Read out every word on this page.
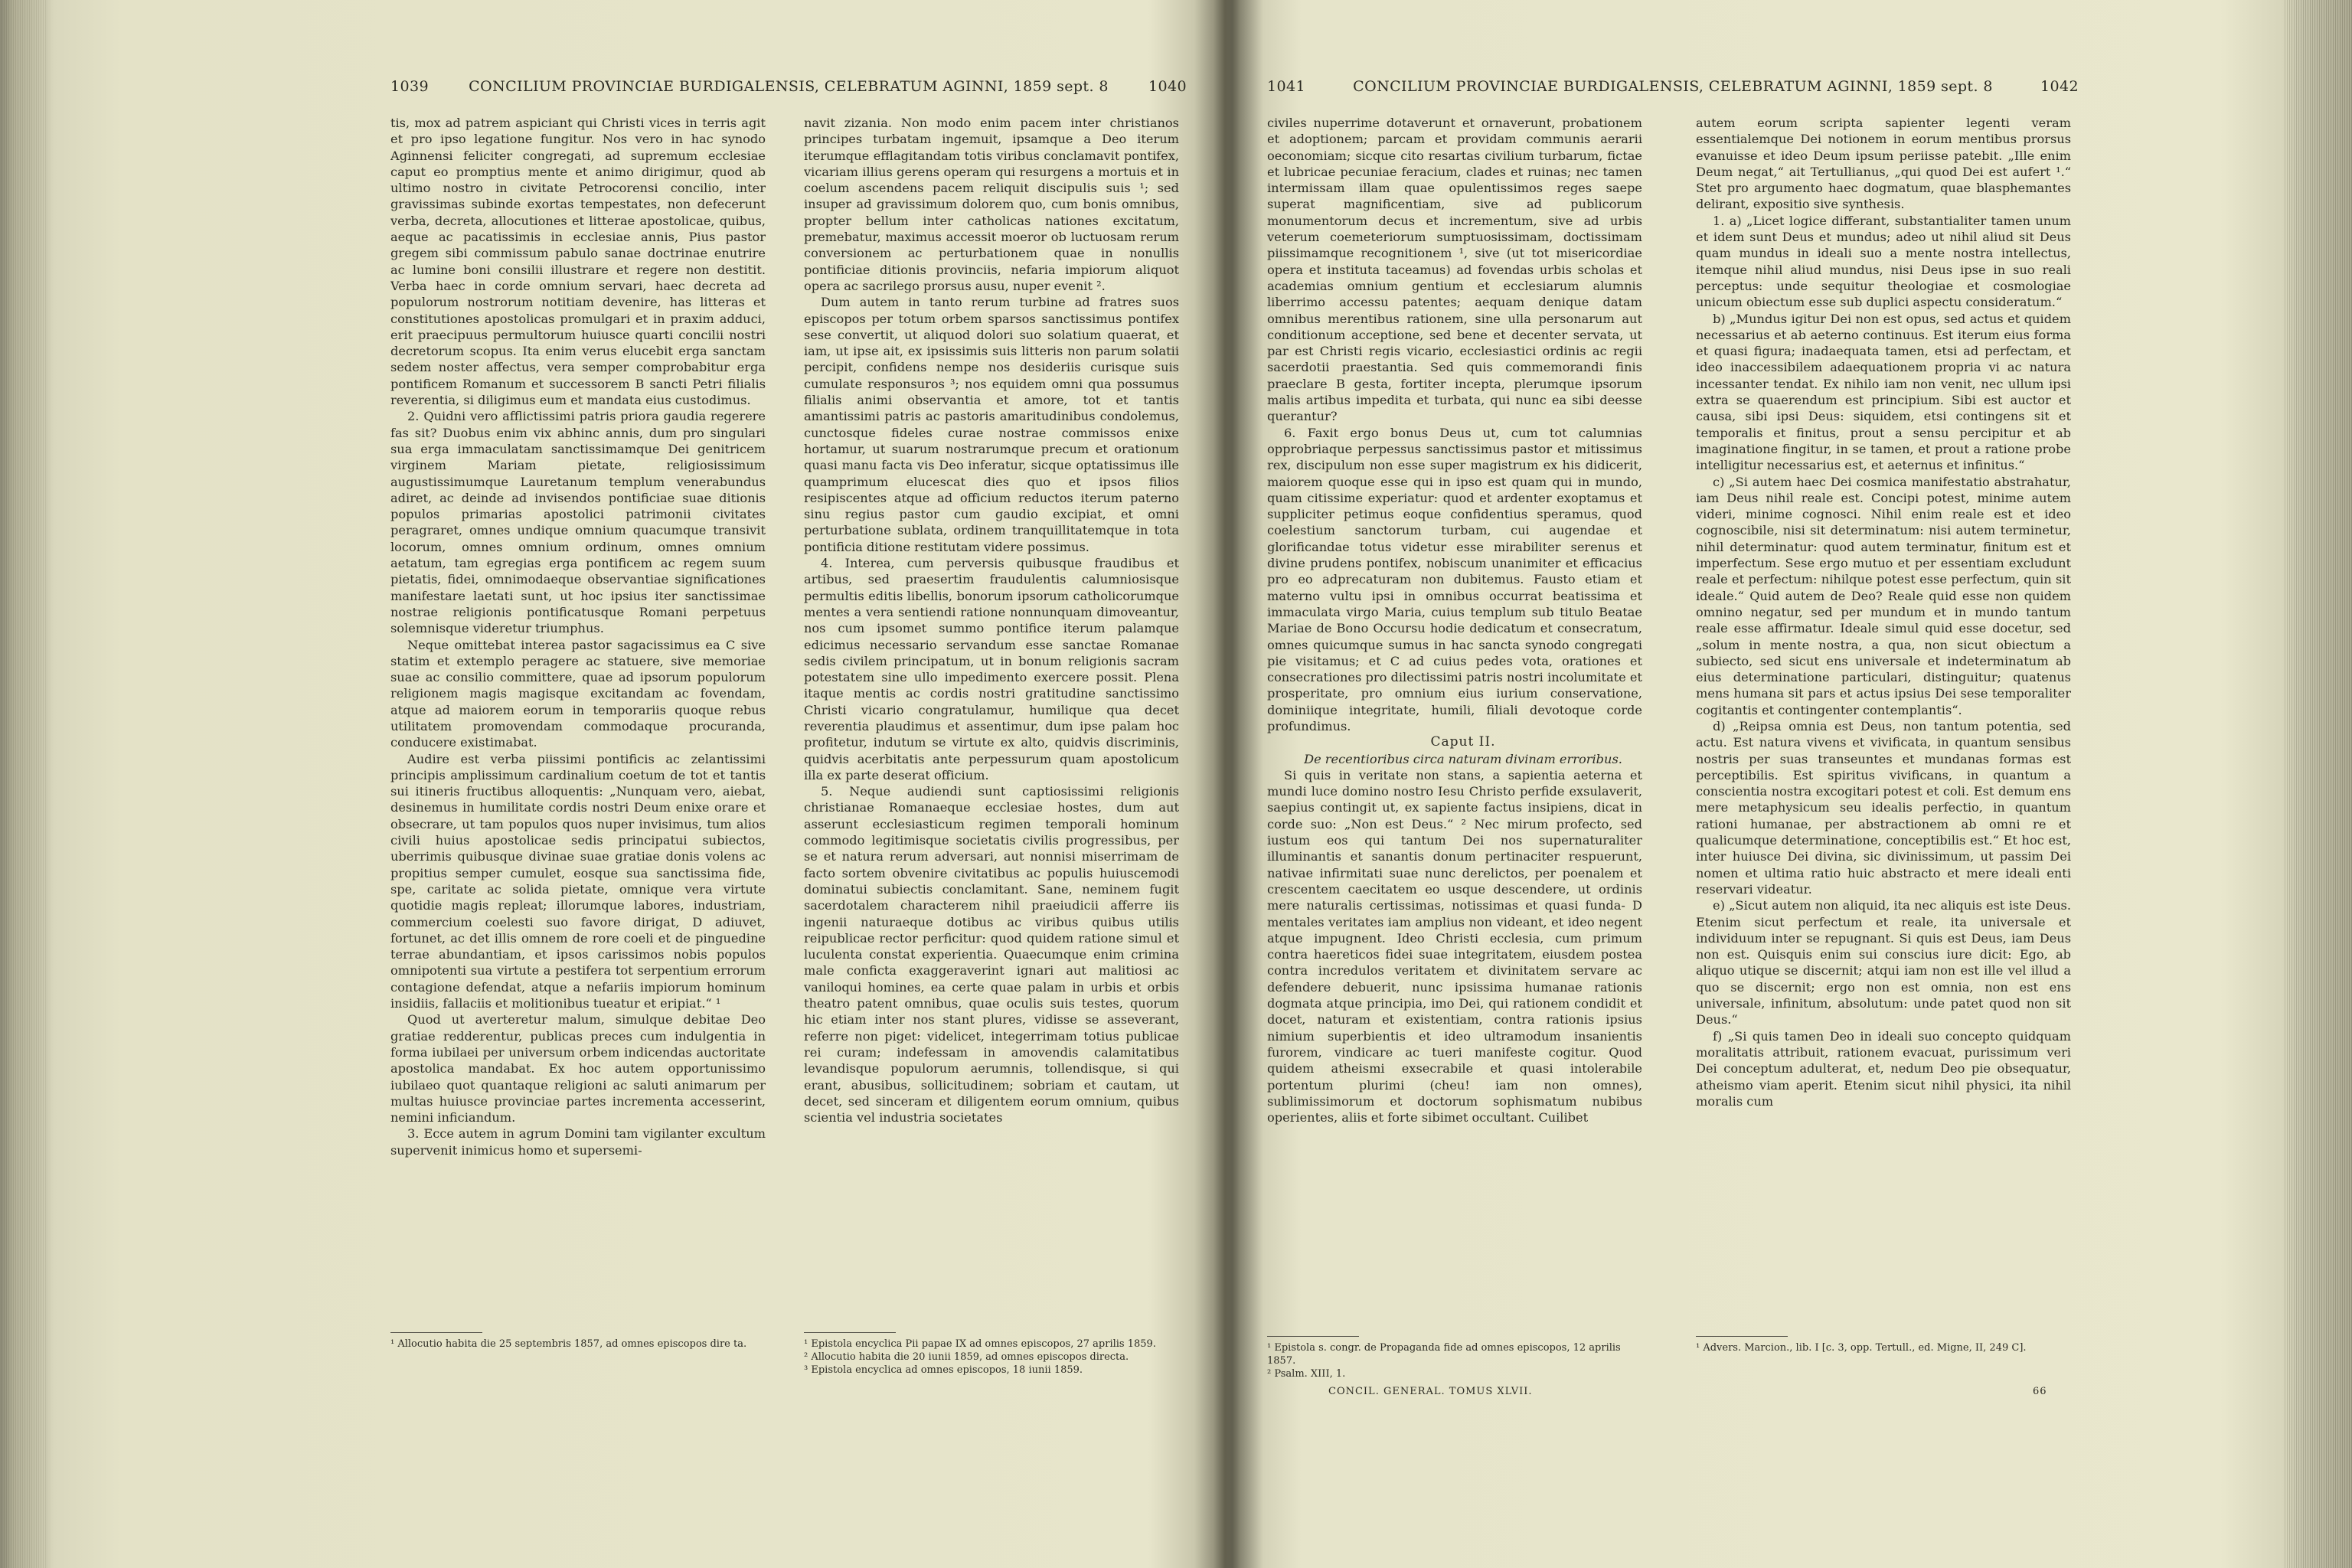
1039	CONCILIUM PROVINCIAE BURDIGALENSIS, CELEBRATUM AGINNI, 1859 sept. 8	1040

tis, mox ad patrem aspiciant qui Christi vices in terris agit et pro ipso legatione fungitur. Nos vero in hac synodo Aginnensi feliciter congregati, ad supremum ecclesiae caput eo promptius mente et animo dirigimur, quod ab ultimo nostro in civitate Petrocorensi concilio, inter gravissimas subinde exortas tempestates, non defecerunt verba, decreta, allocutiones et litterae apostolicae, quibus, aeque ac pacatissimis in ecclesiae annis, Pius pastor gregem sibi commissum pabulo sanae doctrinae enutrire ac lumine boni consilii illustrare et regere non destitit. Verba haec in corde omnium servari, haec decreta ad populorum nostrorum notitiam devenire, has litteras et constitutiones apostolicas promulgari et in praxim adduci, erit praecipuus permultorum huiusce quarti concilii nostri decretorum scopus. Ita enim verus elucebit erga sanctam sedem noster affectus, vera semper comprobabitur erga pontificem Romanum et successorem B sancti Petri filialis reverentia, si diligimus eum et mandata eius custodimus.

2. Quidni vero afflictissimi patris priora gaudia regerere fas sit? Duobus enim vix abhinc annis, dum pro singulari sua erga immaculatam sanctissimamque Dei genitricem virginem Mariam pietate, religiosissimum augustissimumque Lauretanum templum venerabundus adiret, ac deinde ad invisendos pontificiae suae ditionis populos primarias apostolici patrimonii civitates peragraret, omnes undique omnium quacumque transivit locorum, omnes omnium ordinum, omnes omnium aetatum, tam egregias erga pontificem ac regem suum pietatis, fidei, omnimodaeque observantiae significationes manifestare laetati sunt, ut hoc ipsius iter sanctissimae nostrae religionis pontificatusque Romani perpetuus solemnisque videretur triumphus.

Neque omittebat interea pastor sagacissimus ea C sive statim et extemplo peragere ac statuere, sive memoriae suae ac consilio committere, quae ad ipsorum populorum religionem magis magisque excitandam ac fovendam, atque ad maiorem eorum in temporariis quoque rebus utilitatem promovendam commodaque procuranda, conducere existimabat.

Audire est verba piissimi pontificis ac zelantissimi principis amplissimum cardinalium coetum de tot et tantis sui itineris fructibus alloquentis: „Nunquam vero, aiebat, desinemus in humilitate cordis nostri Deum enixe orare et obsecrare, ut tam populos quos nuper invisimus, tum alios civili huius apostolicae sedis principatui subiectos, uberrimis quibusque divinae suae gratiae donis volens ac propitius semper cumulet, eosque sua sanctissima fide, spe, caritate ac solida pietate, omnique vera virtute quotidie magis repleat; illorumque labores, industriam, commercium coelesti suo favore dirigat, D adiuvet, fortunet, ac det illis omnem de rore coeli et de pinguedine terrae abundantiam, et ipsos carissimos nobis populos omnipotenti sua virtute a pestifera tot serpentium errorum contagione defendat, atque a nefariis impiorum hominum insidiis, fallaciis et molitionibus tueatur et eripiat.“ ¹

Quod ut averteretur malum, simulque debitae Deo gratiae redderentur, publicas preces cum indulgentia in forma iubilaei per universum orbem indicendas auctoritate apostolica mandabat. Ex hoc autem opportunissimo iubilaeo quot quantaque religioni ac saluti animarum per multas huiusce provinciae partes incrementa accesserint, nemini inficiandum.

3. Ecce autem in agrum Domini tam vigilanter excultum supervenit inimicus homo et supersemi-

navit zizania. Non modo enim pacem inter christianos principes turbatam ingemuit, ipsamque a Deo iterum iterumque efflagitandam totis viribus conclamavit pontifex, vicariam illius gerens operam qui resurgens a mortuis et in coelum ascendens pacem reliquit discipulis suis ¹; sed insuper ad gravissimum dolorem quo, cum bonis omnibus, propter bellum inter catholicas nationes excitatum, premebatur, maximus accessit moeror ob luctuosam rerum conversionem ac perturbationem quae in nonullis pontificiae ditionis provinciis, nefaria impiorum aliquot opera ac sacrilego prorsus ausu, nuper evenit ².

Dum autem in tanto rerum turbine ad fratres suos episcopos per totum orbem sparsos sanctissimus pontifex sese convertit, ut aliquod dolori suo solatium quaerat, et iam, ut ipse ait, ex ipsissimis suis litteris non parum solatii percipit, confidens nempe nos desideriis curisque suis cumulate responsuros ³; nos equidem omni qua possumus filialis animi observantia et amore, tot et tantis amantissimi patris ac pastoris amaritudinibus condolemus, cunctosque fideles curae nostrae commissos enixe hortamur, ut suarum nostrarumque precum et orationum quasi manu facta vis Deo inferatur, sicque optatissimus ille quamprimum elucescat dies quo et ipsos filios resipiscentes atque ad officium reductos iterum paterno sinu regius pastor cum gaudio excipiat, et omni perturbatione sublata, ordinem tranquillitatemque in tota pontificia ditione restitutam videre possimus.

4. Interea, cum perversis quibusque fraudibus et artibus, sed praesertim fraudulentis calumniosisque permultis editis libellis, bonorum ipsorum catholicorumque mentes a vera sentiendi ratione nonnunquam dimoveantur, nos cum ipsomet summo pontifice iterum palamque edicimus necessario servandum esse sanctae Romanae sedis civilem principatum, ut in bonum religionis sacram potestatem sine ullo impedimento exercere possit. Plena itaque mentis ac cordis nostri gratitudine sanctissimo Christi vicario congratulamur, humilique qua decet reverentia plaudimus et assentimur, dum ipse palam hoc profitetur, indutum se virtute ex alto, quidvis discriminis, quidvis acerbitatis ante perpessurum quam apostolicum illa ex parte deserat officium.

5. Neque audiendi sunt captiosissimi religionis christianae Romanaeque ecclesiae hostes, dum aut asserunt ecclesiasticum regimen temporali hominum commodo legitimisque societatis civilis progressibus, per se et natura rerum adversari, aut nonnisi miserrimam de facto sortem obvenire civitatibus ac populis huiuscemodi dominatui subiectis conclamitant. Sane, neminem fugit sacerdotalem characterem nihil praeiudicii afferre iis ingenii naturaeque dotibus ac viribus quibus utilis reipublicae rector perficitur: quod quidem ratione simul et luculenta constat experientia. Quaecumque enim crimina male conficta exaggeraverint ignari aut malitiosi ac vaniloqui homines, ea certe quae palam in urbis et orbis theatro patent omnibus, quae oculis suis testes, quorum hic etiam inter nos stant plures, vidisse se asseverant, referre non piget: videlicet, integerrimam totius publicae rei curam; indefessam in amovendis calamitatibus levandisque populorum aerumnis, tollendisque, si qui erant, abusibus, sollicitudinem; sobriam et cautam, ut decet, sed sinceram et diligentem eorum omnium, quibus scientia vel industria societates

¹ Allocutio habita die 25 septembris 1857, ad omnes episcopos dire ta.	¹ Epistola encyclica Pii papae IX ad omnes episcopos, 27 aprilis 1859.
² Allocutio habita die 20 iunii 1859, ad omnes episcopos directa.
³ Epistola encyclica ad omnes episcopos, 18 iunii 1859.
1041	CONCILIUM PROVINCIAE BURDIGALENSIS, CELEBRATUM AGINNI, 1859 sept. 8	1042

civiles nuperrime dotaverunt et ornaverunt, probationem et adoptionem; parcam et providam communis aerarii oeconomiam; sicque cito resartas civilium turbarum, fictae et lubricae pecuniae feracium, clades et ruinas; nec tamen intermissam illam quae opulentissimos reges saepe superat magnificentiam, sive ad publicorum monumentorum decus et incrementum, sive ad urbis veterum coemeteriorum sumptuosissimam, doctissimam piissimamque recognitionem ¹, sive (ut tot misericordiae opera et instituta taceamus) ad fovendas urbis scholas et academias omnium gentium et ecclesiarum alumnis liberrimo accessu patentes; aequam denique datam omnibus merentibus rationem, sine ulla personarum aut conditionum acceptione, sed bene et decenter servata, ut par est Christi regis vicario, ecclesiastici ordinis ac regii sacerdotii praestantia. Sed quis commemorandi finis praeclare B gesta, fortiter incepta, plerumque ipsorum malis artibus impedita et turbata, qui nunc ea sibi deesse querantur?

6. Faxit ergo bonus Deus ut, cum tot calumnias opprobriaque perpessus sanctissimus pastor et mitissimus rex, discipulum non esse super magistrum ex his didicerit, maiorem quoque esse qui in ipso est quam qui in mundo, quam citissime experiatur: quod et ardenter exoptamus et suppliciter petimus eoque confidentius speramus, quod coelestium sanctorum turbam, cui augendae et glorificandae totus videtur esse mirabiliter serenus et divine prudens pontifex, nobiscum unanimiter et efficacius pro eo adprecaturam non dubitemus. Fausto etiam et materno vultu ipsi in omnibus occurrat beatissima et immaculata virgo Maria, cuius templum sub titulo Beatae Mariae de Bono Occursu hodie dedicatum et consecratum, omnes quicumque sumus in hac sancta synodo congregati pie visitamus; et C ad cuius pedes vota, orationes et consecrationes pro dilectissimi patris nostri incolumitate et prosperitate, pro omnium eius iurium conservatione, dominiique integritate, humili, filiali devotoque corde profundimus.

Caput II.

De recentioribus circa naturam divinam erroribus.

Si quis in veritate non stans, a sapientia aeterna et mundi luce domino nostro Iesu Christo perfide exsulaverit, saepius contingit ut, ex sapiente factus insipiens, dicat in corde suo: „Non est Deus.“ ² Nec mirum profecto, sed iustum eos qui tantum Dei nos supernaturaliter illuminantis et sanantis donum pertinaciter respuerunt, nativae infirmitati suae nunc derelictos, per poenalem et crescentem caecitatem eo usque descendere, ut ordinis mere naturalis certissimas, notissimas et quasi funda- D mentales veritates iam amplius non videant, et ideo negent atque impugnent. Ideo Christi ecclesia, cum primum contra haereticos fidei suae integritatem, eiusdem postea contra incredulos veritatem et divinitatem servare ac defendere debuerit, nunc ipsissima humanae rationis dogmata atque principia, imo Dei, qui rationem condidit et docet, naturam et existentiam, contra rationis ipsius nimium superbientis et ideo ultramodum insanientis furorem, vindicare ac tueri manifeste cogitur. Quod quidem atheismi exsecrabile et quasi intolerabile portentum plurimi (cheu! iam non omnes), sublimissimorum et doctorum sophismatum nubibus operientes, aliis et forte sibimet occultant. Cuilibet

autem eorum scripta sapienter legenti veram essentialemque Dei notionem in eorum mentibus prorsus evanuisse et ideo Deum ipsum periisse patebit. „Ille enim Deum negat,“ ait Tertullianus, „qui quod Dei est aufert ¹.“ Stet pro argumento haec dogmatum, quae blasphemantes delirant, expositio sive synthesis.

1. a) „Licet logice differant, substantialiter tamen unum et idem sunt Deus et mundus; adeo ut nihil aliud sit Deus quam mundus in ideali suo a mente nostra intellectus, itemque nihil aliud mundus, nisi Deus ipse in suo reali perceptus: unde sequitur theologiae et cosmologiae unicum obiectum esse sub duplici aspectu consideratum.“

b) „Mundus igitur Dei non est opus, sed actus et quidem necessarius et ab aeterno continuus. Est iterum eius forma et quasi figura; inadaequata tamen, etsi ad perfectam, et ideo inaccessibilem adaequationem propria vi ac natura incessanter tendat. Ex nihilo iam non venit, nec ullum ipsi extra se quaerendum est principium. Sibi est auctor et causa, sibi ipsi Deus: siquidem, etsi contingens sit et temporalis et finitus, prout a sensu percipitur et ab imaginatione fingitur, in se tamen, et prout a ratione probe intelligitur necessarius est, et aeternus et infinitus.“

c) „Si autem haec Dei cosmica manifestatio abstrahatur, iam Deus nihil reale est. Concipi potest, minime autem videri, minime cognosci. Nihil enim reale est et ideo cognoscibile, nisi sit determinatum: nisi autem terminetur, nihil determinatur: quod autem terminatur, finitum est et imperfectum. Sese ergo mutuo et per essentiam excludunt reale et perfectum: nihilque potest esse perfectum, quin sit ideale.“ Quid autem de Deo? Reale quid esse non quidem omnino negatur, sed per mundum et in mundo tantum reale esse affirmatur. Ideale simul quid esse docetur, sed „solum in mente nostra, a qua, non sicut obiectum a subiecto, sed sicut ens universale et indeterminatum ab eius determinatione particulari, distinguitur; quatenus mens humana sit pars et actus ipsius Dei sese temporaliter cogitantis et contingenter contemplantis“.

d) „Reipsa omnia est Deus, non tantum potentia, sed actu. Est natura vivens et vivificata, in quantum sensibus nostris per suas transeuntes et mundanas formas est perceptibilis. Est spiritus vivificans, in quantum a conscientia nostra excogitari potest et coli. Est demum ens mere metaphysicum seu idealis perfectio, in quantum rationi humanae, per abstractionem ab omni re et qualicumque determinatione, conceptibilis est.“ Et hoc est, inter huiusce Dei divina, sic divinissimum, ut passim Dei nomen et ultima ratio huic abstracto et mere ideali enti reservari videatur.

e) „Sicut autem non aliquid, ita nec aliquis est iste Deus. Etenim sicut perfectum et reale, ita universale et individuum inter se repugnant. Si quis est Deus, iam Deus non est. Quisquis enim sui conscius iure dicit: Ego, ab aliquo utique se discernit; atqui iam non est ille vel illud a quo se discernit; ergo non est omnia, non est ens universale, infinitum, absolutum: unde patet quod non sit Deus.“

f) „Si quis tamen Deo in ideali suo concepto quidquam moralitatis attribuit, rationem evacuat, purissimum veri Dei conceptum adulterat, et, nedum Deo pie obsequatur, atheismo viam aperit. Etenim sicut nihil physici, ita nihil moralis cum

¹ Epistola s. congr. de Propaganda fide ad omnes episcopos, 12 aprilis 1857.
² Psalm. XIII, 1.
CONCIL. GENERAL. TOMUS XLVII.
¹ Advers. Marcion., lib. I [c. 3, opp. Tertull., ed. Migne, II, 249 C].
66
